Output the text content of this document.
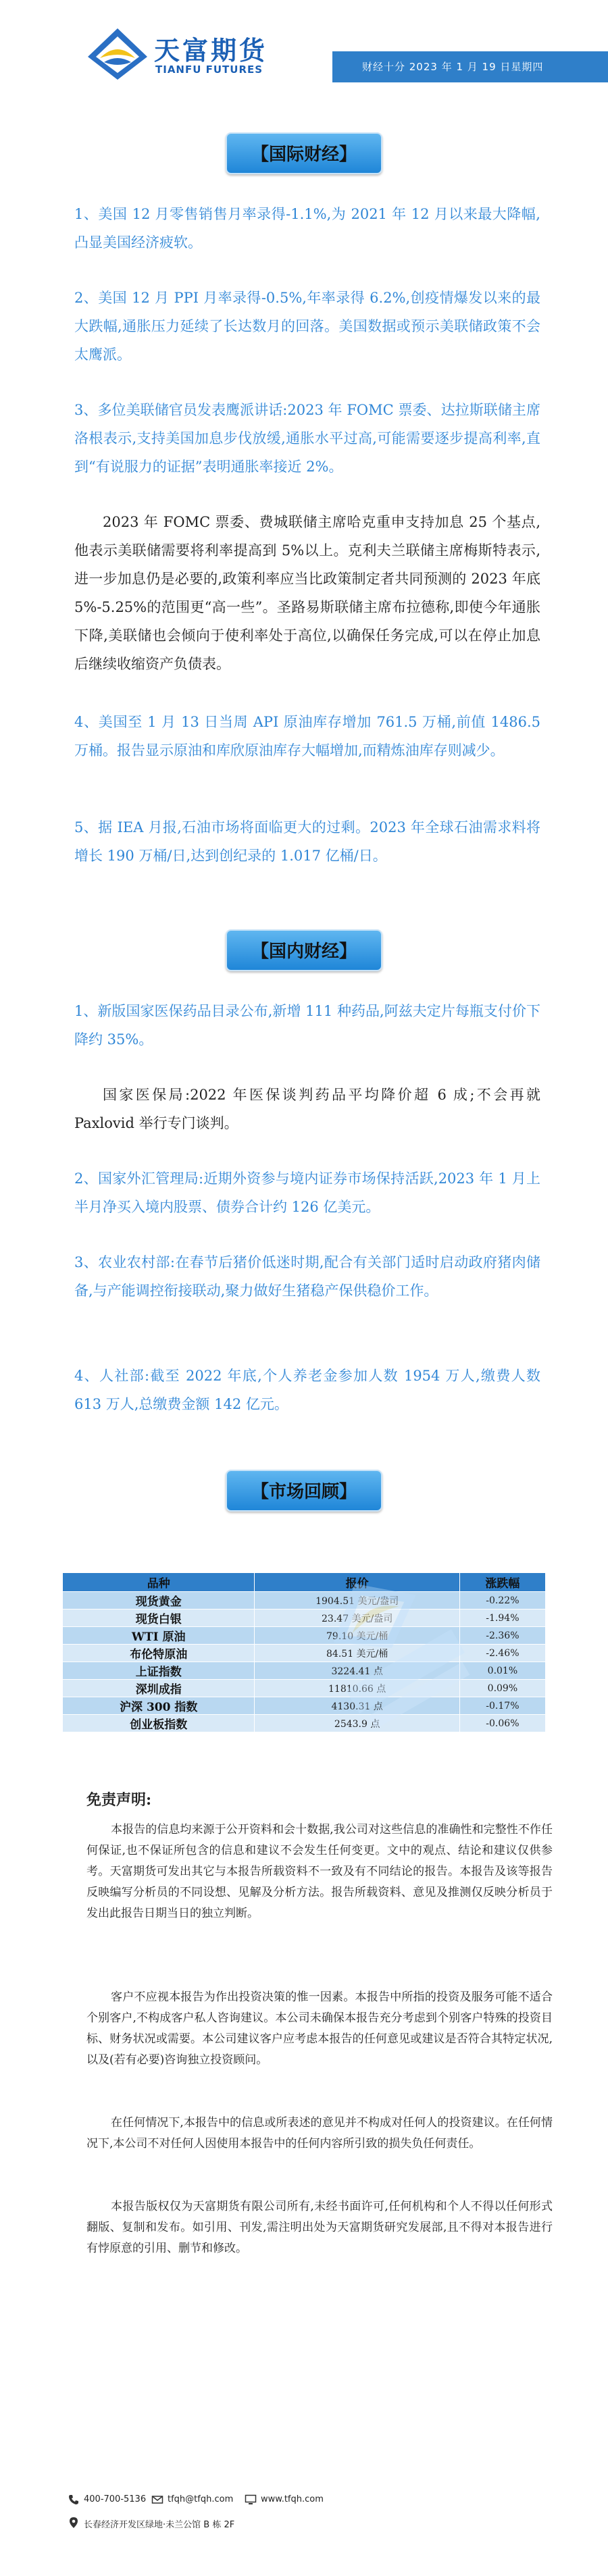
天富期货
TIANFU FUTURES	财经十分 2023 年 1 月 19 日星期四
【国际财经】
1、美国 12 月零售销售月率录得-1.1%,为 2021 年 12 月以来最大降幅,凸显美国经济疲软。
2、美国 12 月 PPI 月率录得-0.5%,年率录得 6.2%,创疫情爆发以来的最大跌幅,通胀压力延续了长达数月的回落。美国数据或预示美联储政策不会太鹰派。
3、多位美联储官员发表鹰派讲话:2023 年 FOMC 票委、达拉斯联储主席洛根表示,支持美国加息步伐放缓,通胀水平过高,可能需要逐步提高利率,直到“有说服力的证据”表明通胀率接近 2%。
2023 年 FOMC 票委、费城联储主席哈克重申支持加息 25 个基点,他表示美联储需要将利率提高到 5%以上。克利夫兰联储主席梅斯特表示,进一步加息仍是必要的,政策利率应当比政策制定者共同预测的 2023 年底 5%-5.25%的范围更“高一些”。圣路易斯联储主席布拉德称,即使今年通胀下降,美联储也会倾向于使利率处于高位,以确保任务完成,可以在停止加息后继续收缩资产负债表。
4、美国至 1 月 13 日当周 API 原油库存增加 761.5 万桶,前值 1486.5 万桶。报告显示原油和库欣原油库存大幅增加,而精炼油库存则减少。
5、据 IEA 月报,石油市场将面临更大的过剩。2023 年全球石油需求料将增长 190 万桶/日,达到创纪录的 1.017 亿桶/日。
【国内财经】
1、新版国家医保药品目录公布,新增 111 种药品,阿兹夫定片每瓶支付价下降约 35%。
国家医保局:2022 年医保谈判药品平均降价超 6 成;不会再就 Paxlovid 举行专门谈判。
2、国家外汇管理局:近期外资参与境内证券市场保持活跃,2023 年 1 月上半月净买入境内股票、债券合计约 126 亿美元。
3、农业农村部:在春节后猪价低迷时期,配合有关部门适时启动政府猪肉储备,与产能调控衔接联动,聚力做好生猪稳产保供稳价工作。
4、人社部:截至 2022 年底,个人养老金参加人数 1954 万人,缴费人数 613 万人,总缴费金额 142 亿元。
【市场回顾】
品种	报价	涨跌幅
现货黄金	1904.51 美元/盎司	-0.22%
现货白银	23.47 美元/盎司	-1.94%
WTI 原油	79.10 美元/桶	-2.36%
布伦特原油	84.51 美元/桶	-2.46%
上证指数	3224.41 点	0.01%
深圳成指	11810.66 点	0.09%
沪深 300 指数	4130.31 点	-0.17%
创业板指数	2543.9 点	-0.06%
免责声明:
本报告的信息均来源于公开资料和会十数据,我公司对这些信息的准确性和完整性不作任何保证,也不保证所包含的信息和建议不会发生任何变更。文中的观点、结论和建议仅供参考。天富期货可发出其它与本报告所载资料不一致及有不同结论的报告。本报告及该等报告反映编写分析员的不同设想、见解及分析方法。报告所载资料、意见及推测仅反映分析员于发出此报告日期当日的独立判断。
客户不应视本报告为作出投资决策的惟一因素。本报告中所指的投资及服务可能不适合个别客户,不构成客户私人咨询建议。本公司未确保本报告充分考虑到个别客户特殊的投资目标、财务状况或需要。本公司建议客户应考虑本报告的任何意见或建议是否符合其特定状况,以及(若有必要)咨询独立投资顾问。
在任何情况下,本报告中的信息或所表述的意见并不构成对任何人的投资建议。在任何情况下,本公司不对任何人因使用本报告中的任何内容所引致的损失负任何责任。
本报告版权仅为天富期货有限公司所有,未经书面许可,任何机构和个人不得以任何形式翻版、复制和发布。如引用、刊发,需注明出处为天富期货研究发展部,且不得对本报告进行有悖原意的引用、删节和修改。
400-700-5136 tfqh@tfqh.com	www.tfqh.com
长春经济开发区绿地·未兰公馆 B 栋 2F
